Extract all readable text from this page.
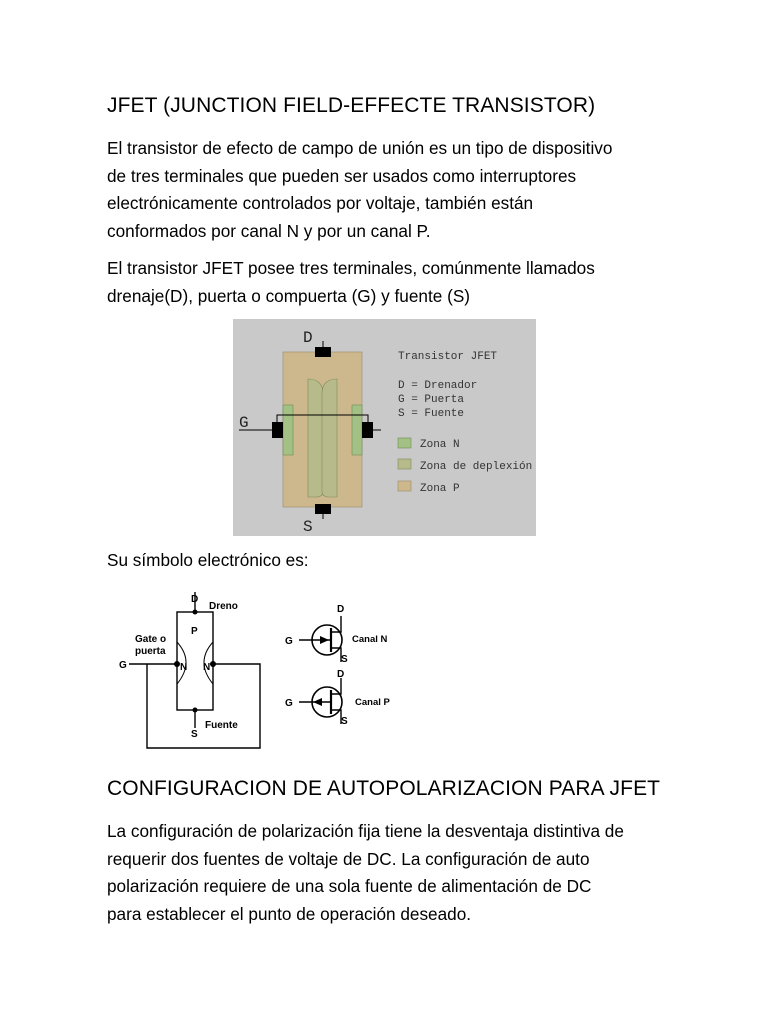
JFET (JUNCTION FIELD-EFFECTE TRANSISTOR)
El transistor de efecto de campo de unión es un tipo de dispositivo
de tres terminales que pueden ser usados como interruptores
electrónicamente controlados por voltaje, también están
conformados por canal N y por un canal P.
El transistor JFET posee tres terminales, comúnmente llamados
drenaje(D), puerta o compuerta (G) y fuente (S)
D
G
S
Transistor JFET
D = Drenador
G = Puerta
S = Fuente
Zona N
Zona de deplexión
Zona P
Su símbolo electrónico es:
D
Dreno
P
Gate o
puerta
G	N N
S
Fuente
D
G
S
Canal N
D
G
S
Canal P
CONFIGURACION DE AUTOPOLARIZACION PARA JFET
La configuración de polarización fija tiene la desventaja distintiva de
requerir dos fuentes de voltaje de DC. La configuración de auto
polarización requiere de una sola fuente de alimentación de DC
para establecer el punto de operación deseado.
